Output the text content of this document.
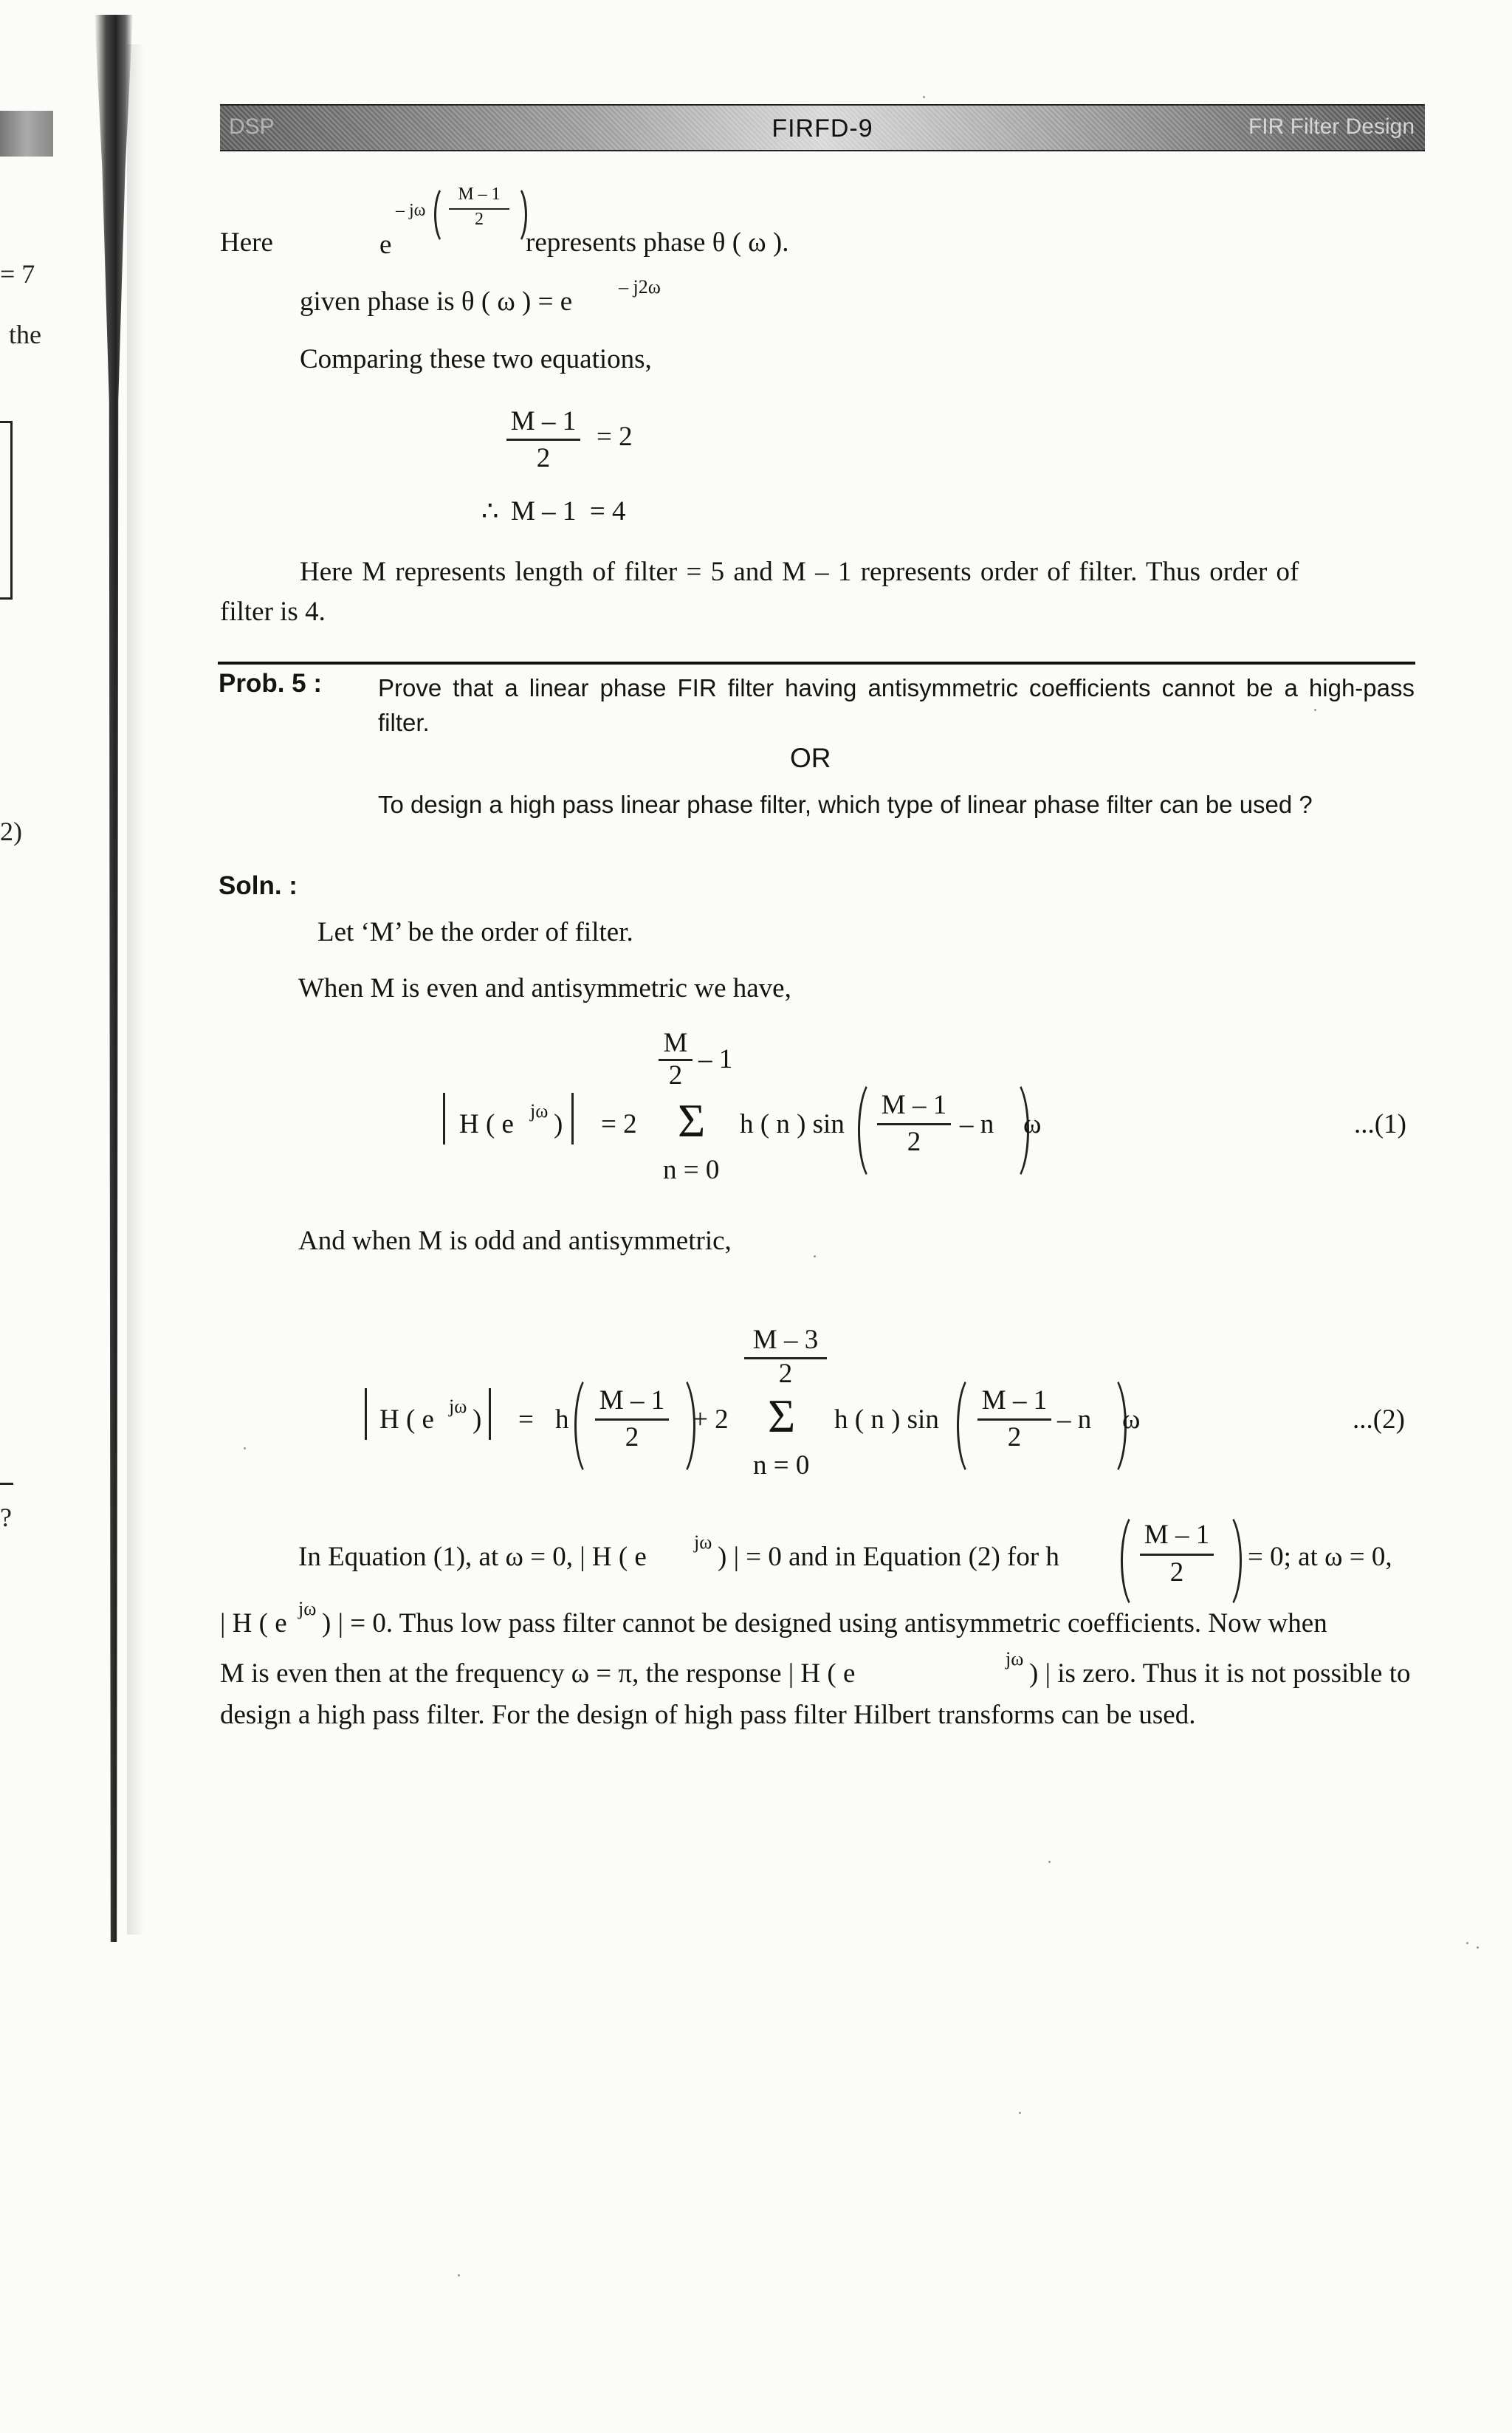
= 7
the
2)
?
DSP	FIRFD-9	FIR Filter Design
Here	e
– jω
M – 1
2
represents phase θ ( ω ).
given phase is θ ( ω ) = e – j2ω
Comparing these two equations,
M – 1
2
= 2
∴ M – 1  = 4
Here M represents length of filter = 5 and M – 1 represents order of filter. Thus order of
filter is 4.
Prob. 5 : Prove that a linear phase FIR filter having antisymmetric coefficients cannot be a high-pass filter.
OR
To design a high pass linear phase filter, which type of linear phase filter can be used ?
Soln. :
Let ‘M’ be the order of filter.
When M is even and antisymmetric we have,
H ( e jω ) = 2
M
2
– 1
Σ
n = 0
h ( n ) sin
M – 1
2
– n ω	...(1)
And when M is odd and antisymmetric,
H ( e jω ) = h
M – 1
2
+ 2
M – 3
2
Σ
n = 0
h ( n ) sin
M – 1
2
– n ω	...(2)
In Equation (1), at ω = 0, | H ( e jω ) | = 0 and in Equation (2) for h
M – 1
2
= 0; at ω = 0,
| H ( e jω ) | = 0. Thus low pass filter cannot be designed using antisymmetric coefficients. Now when
M is even then at the frequency ω = π, the response | H ( e	jω ) | is zero. Thus it is not possible to
design a high pass filter. For the design of high pass filter Hilbert transforms can be used.
